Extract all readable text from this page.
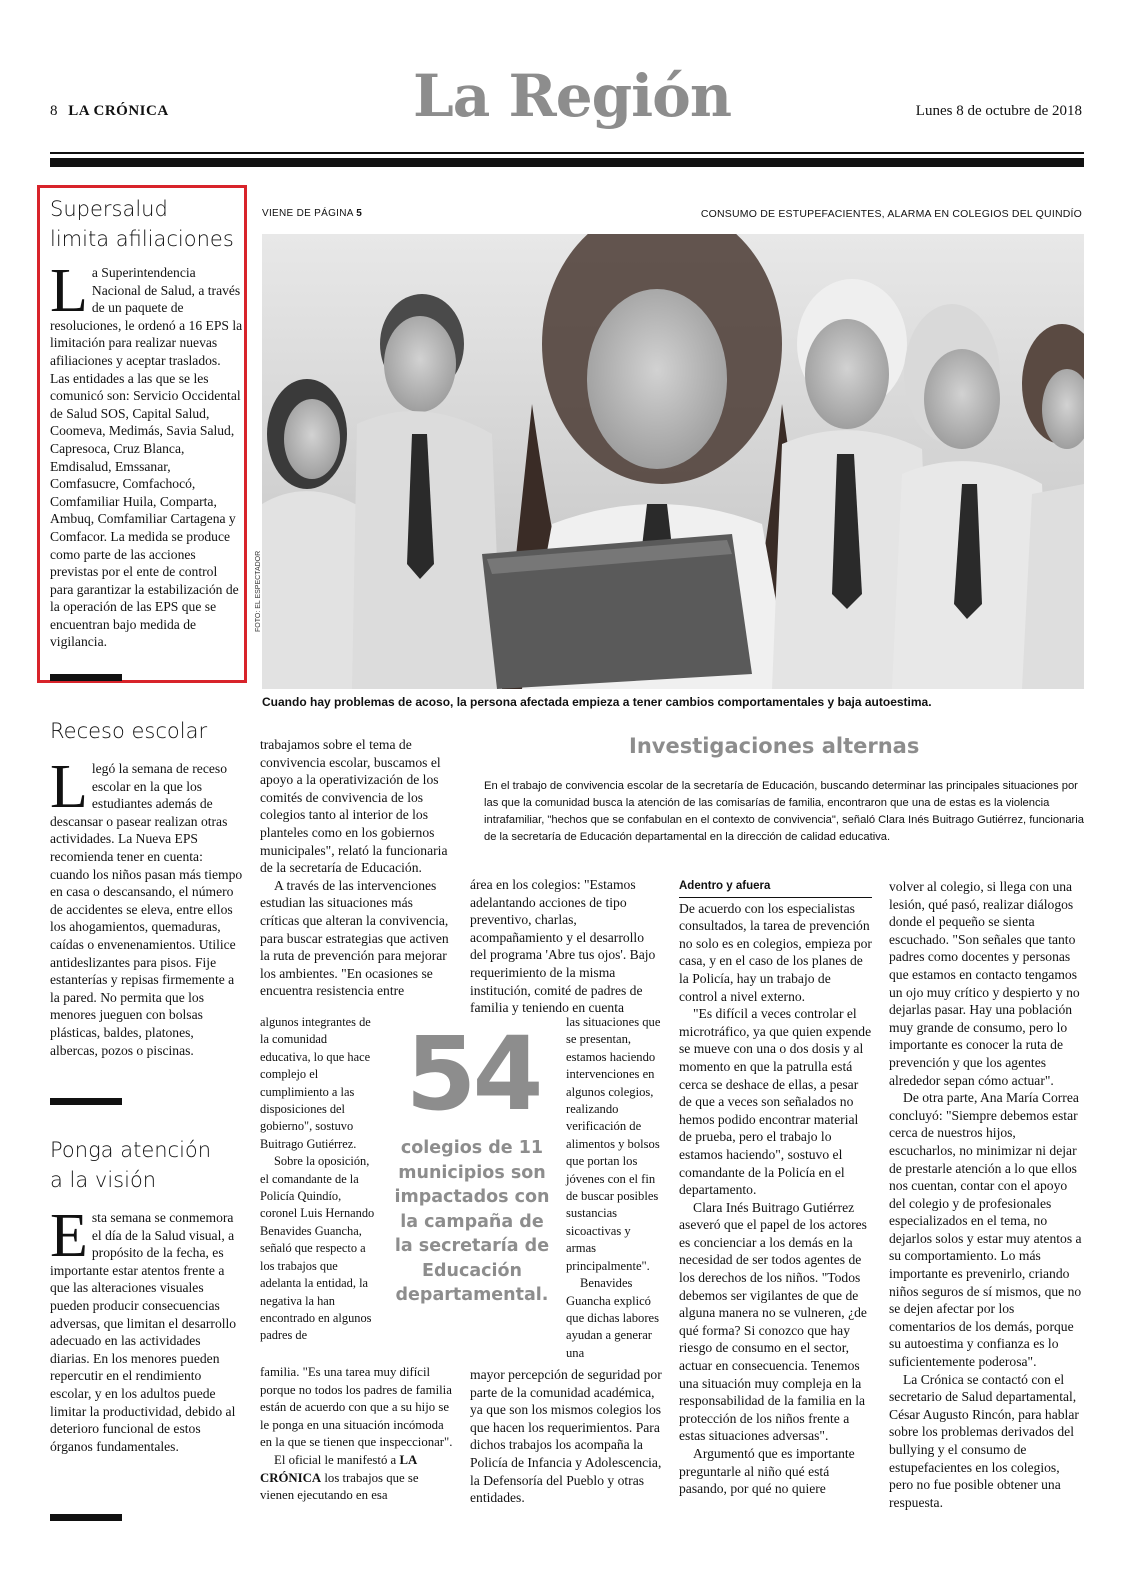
8 LA CRÓNICA	La Región	Lunes 8 de octubre de 2018
Supersalud
limita afiliaciones
La Superintendencia Nacional de Salud, a través de un paquete de resoluciones, le ordenó a 16 EPS la limitación para realizar nuevas afiliaciones y aceptar traslados. Las entidades a las que se les comunicó son: Servicio Occidental de Salud SOS, Capital Salud, Coomeva, Medimás, Savia Salud, Capresoca, Cruz Blanca, Emdisalud, Emssanar, Comfasucre, Comfachocó, Comfamiliar Huila, Comparta, Ambuq, Comfamiliar Cartagena y Comfacor. La medida se produce como parte de las acciones previstas por el ente de control para garantizar la estabilización de la operación de las EPS que se encuentran bajo medida de vigilancia.
Receso escolar
Llegó la semana de receso escolar en la que los estudiantes además de descansar o pasear realizan otras actividades. La Nueva EPS recomienda tener en cuenta: cuando los niños pasan más tiempo en casa o descansando, el número de accidentes se eleva, entre ellos los ahogamientos, quemaduras, caídas o envenenamientos. Utilice antideslizantes para pisos. Fije estanterías y repisas firmemente a la pared. No permita que los menores jueguen con bolsas plásticas, baldes, platones, albercas, pozos o piscinas.
Ponga atención
a la visión
Esta semana se conmemora el día de la Salud visual, a propósito de la fecha, es importante estar atentos frente a que las alteraciones visuales pueden producir consecuencias adversas, que limitan el desarrollo adecuado en las actividades diarias. En los menores pueden repercutir en el rendimiento escolar, y en los adultos puede limitar la productividad, debido al deterioro funcional de estos órganos fundamentales.
VIENE DE PÁGINA 5	CONSUMO DE ESTUPEFACIENTES, ALARMA EN COLEGIOS DEL QUINDÍO
FOTO: EL ESPECTADOR
Cuando hay problemas de acoso, la persona afectada empieza a tener cambios comportamentales y baja autoestima.
Investigaciones alternas
En el trabajo de convivencia escolar de la secretaría de Educación, buscando determinar las principales situaciones por las que la comunidad busca la atención de las comisarías de familia, encontraron que una de estas es la violencia intrafamiliar, "hechos que se confabulan en el contexto de convivencia", señaló Clara Inés Buitrago Gutiérrez, funcionaria de la secretaría de Educación departamental en la dirección de calidad educativa.

trabajamos sobre el tema de convivencia escolar, buscamos el apoyo a la operativización de los comités de convivencia de los colegios tanto al interior de los planteles como en los gobiernos municipales", relató la funcionaria de la secretaría de Educación.

A través de las intervenciones estudian las situaciones más críticas que alteran la convivencia, para buscar estrategias que activen la ruta de prevención para mejorar los ambientes. "En ocasiones se encuentra resistencia entre

algunos integrantes de la comunidad educativa, lo que hace complejo el cumplimiento a las disposiciones del gobierno", sostuvo Buitrago Gutiérrez.

Sobre la oposición, el comandante de la Policía Quindío, coronel Luis Hernando Benavides Guancha, señaló que respecto a los trabajos que adelanta la entidad, la negativa la han encontrado en algunos padres de

familia. "Es una tarea muy difícil porque no todos los padres de familia están de acuerdo con que a su hijo se le ponga en una situación incómoda en la que se tienen que inspeccionar".

El oficial le manifestó a LA CRÓNICA los trabajos que se vienen ejecutando en esa

área en los colegios: "Estamos adelantando acciones de tipo preventivo, charlas, acompañamiento y el desarrollo del programa 'Abre tus ojos'. Bajo requerimiento de la misma institución, comité de padres de familia y teniendo en cuenta

las situaciones que se presentan, estamos haciendo intervenciones en algunos colegios, realizando verificación de alimentos y bolsos que portan los jóvenes con el fin de buscar posibles sustancias sicoactivas y armas principalmente".

Benavides Guancha explicó que dichas labores ayudan a generar una

mayor percepción de seguridad por parte de la comunidad académica, ya que son los mismos colegios los que hacen los requerimientos. Para dichos trabajos los acompaña la Policía de Infancia y Adolescencia, la Defensoría del Pueblo y otras entidades.

54
colegios de 11 municipios son impactados con la campaña de la secretaría de Educación departamental.
Adentro y afuera

De acuerdo con los especialistas consultados, la tarea de prevención no solo es en colegios, empieza por casa, y en el caso de los planes de la Policía, hay un trabajo de control a nivel externo.

"Es difícil a veces controlar el microtráfico, ya que quien expende se mueve con una o dos dosis y al momento en que la patrulla está cerca se deshace de ellas, a pesar de que a veces son señalados no hemos podido encontrar material de prueba, pero el trabajo lo estamos haciendo", sostuvo el comandante de la Policía en el departamento.

Clara Inés Buitrago Gutiérrez aseveró que el papel de los actores es concienciar a los demás en la necesidad de ser todos agentes de los derechos de los niños. "Todos debemos ser vigilantes de que de alguna manera no se vulneren, ¿de qué forma? Si conozco que hay riesgo de consumo en el sector, actuar en consecuencia. Tenemos una situación muy compleja en la responsabilidad de la familia en la protección de los niños frente a estas situaciones adversas".

Argumentó que es importante preguntarle al niño qué está pasando, por qué no quiere

volver al colegio, si llega con una lesión, qué pasó, realizar diálogos donde el pequeño se sienta escuchado. "Son señales que tanto padres como docentes y personas que estamos en contacto tengamos un ojo muy crítico y despierto y no dejarlas pasar. Hay una población muy grande de consumo, pero lo importante es conocer la ruta de prevención y que los agentes alrededor sepan cómo actuar".

De otra parte, Ana María Correa concluyó: "Siempre debemos estar cerca de nuestros hijos, escucharlos, no minimizar ni dejar de prestarle atención a lo que ellos nos cuentan, contar con el apoyo del colegio y de profesionales especializados en el tema, no dejarlos solos y estar muy atentos a su comportamiento. Lo más importante es prevenirlo, criando niños seguros de sí mismos, que no se dejen afectar por los comentarios de los demás, porque su autoestima y confianza es lo suficientemente poderosa".

La Crónica se contactó con el secretario de Salud departamental, César Augusto Rincón, para hablar sobre los problemas derivados del bullying y el consumo de estupefacientes en los colegios, pero no fue posible obtener una respuesta.
